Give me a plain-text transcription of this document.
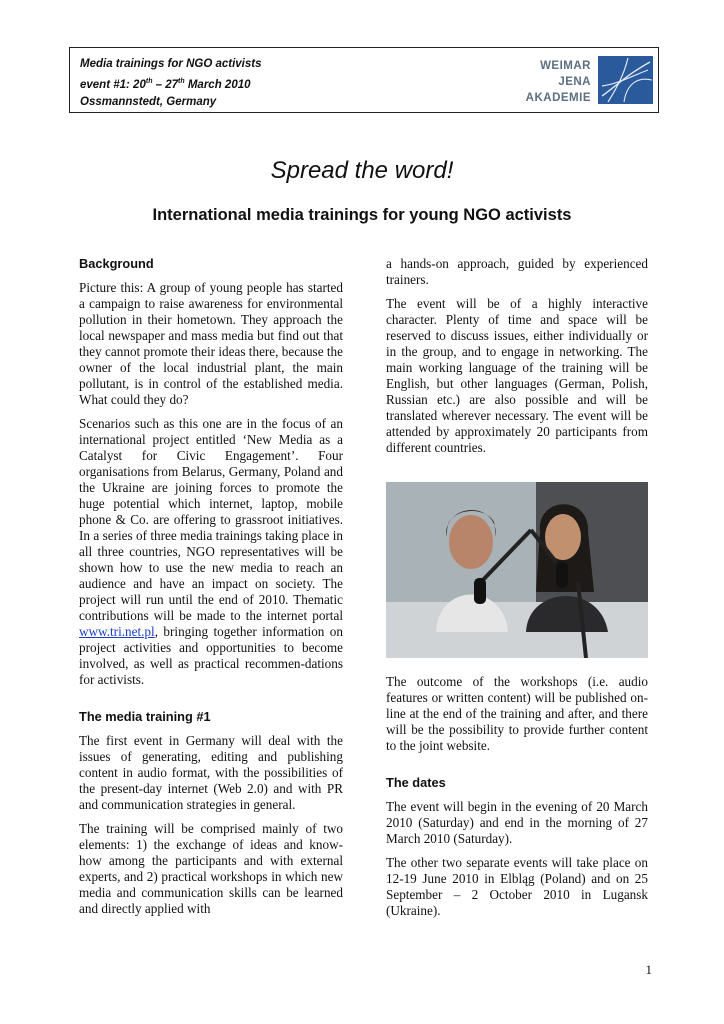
Media trainings for NGO activists
event #1: 20th – 27th March 2010
Ossmannstedt, Germany
WEIMAR
JENA
AKADEMIE
Spread the word!
International media trainings for young NGO activists
Background

Picture this: A group of young people has started a campaign to raise awareness for environmental pollution in their hometown. They approach the local newspaper and mass media but find out that they cannot promote their ideas there, because the owner of the local industrial plant, the main pollutant, is in control of the established media. What could they do?

Scenarios such as this one are in the focus of an international project entitled ‘New Media as a Catalyst for Civic Engagement’. Four organisations from Belarus, Germany, Poland and the Ukraine are joining forces to promote the huge potential which internet, laptop, mobile phone & Co. are offering to grassroot initiatives. In a series of three media trainings taking place in all three countries, NGO representatives will be shown how to use the new media to reach an audience and have an impact on society. The project will run until the end of 2010. Thematic contributions will be made to the internet portal www.tri.net.pl, bringing together information on project activities and opportunities to become involved, as well as practical recommen-dations for activists.

The media training #1

The first event in Germany will deal with the issues of generating, editing and publishing content in audio format, with the possibilities of the present-day internet (Web 2.0) and with PR and communication strategies in general.

The training will be comprised mainly of two elements: 1) the exchange of ideas and know-how among the participants and with external experts, and 2) practical workshops in which new media and communication skills can be learned and directly applied with

a hands-on approach, guided by experienced trainers.

The event will be of a highly interactive character. Plenty of time and space will be reserved to discuss issues, either individually or in the group, and to engage in networking. The main working language of the training will be English, but other languages (German, Polish, Russian etc.) are also possible and will be translated wherever necessary. The event will be attended by approximately 20 participants from different countries.

The outcome of the workshops (i.e. audio features or written content) will be published on-line at the end of the training and after, and there will be the possibility to provide further content to the joint website.

The dates

The event will begin in the evening of 20 March 2010 (Saturday) and end in the morning of 27 March 2010 (Saturday).

The other two separate events will take place on 12-19 June 2010 in Elbląg (Poland) and on 25 September – 2 October 2010 in Lugansk (Ukraine).

1
